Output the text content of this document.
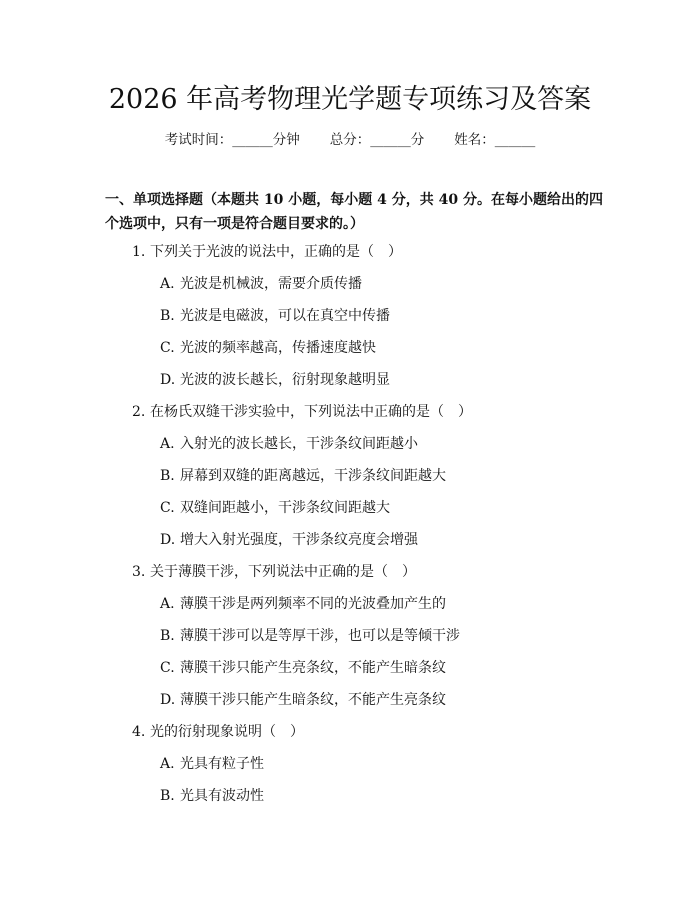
2026 年高考物理光学题专项练习及答案
考试时间：______分钟 总分：______分 姓名：______
一、单项选择题（本题共 10 小题，每小题 4 分，共 40 分。在每小题给出的四个选项中，只有一项是符合题目要求的。）
1. 下列关于光波的说法中，正确的是（　）
A. 光波是机械波，需要介质传播
B. 光波是电磁波，可以在真空中传播
C. 光波的频率越高，传播速度越快
D. 光波的波长越长，衍射现象越明显
2. 在杨氏双缝干涉实验中，下列说法中正确的是（　）
A. 入射光的波长越长，干涉条纹间距越小
B. 屏幕到双缝的距离越远，干涉条纹间距越大
C. 双缝间距越小，干涉条纹间距越大
D. 增大入射光强度，干涉条纹亮度会增强
3. 关于薄膜干涉，下列说法中正确的是（　）
A. 薄膜干涉是两列频率不同的光波叠加产生的
B. 薄膜干涉可以是等厚干涉，也可以是等倾干涉
C. 薄膜干涉只能产生亮条纹，不能产生暗条纹
D. 薄膜干涉只能产生暗条纹，不能产生亮条纹
4. 光的衍射现象说明（　）
A. 光具有粒子性
B. 光具有波动性
